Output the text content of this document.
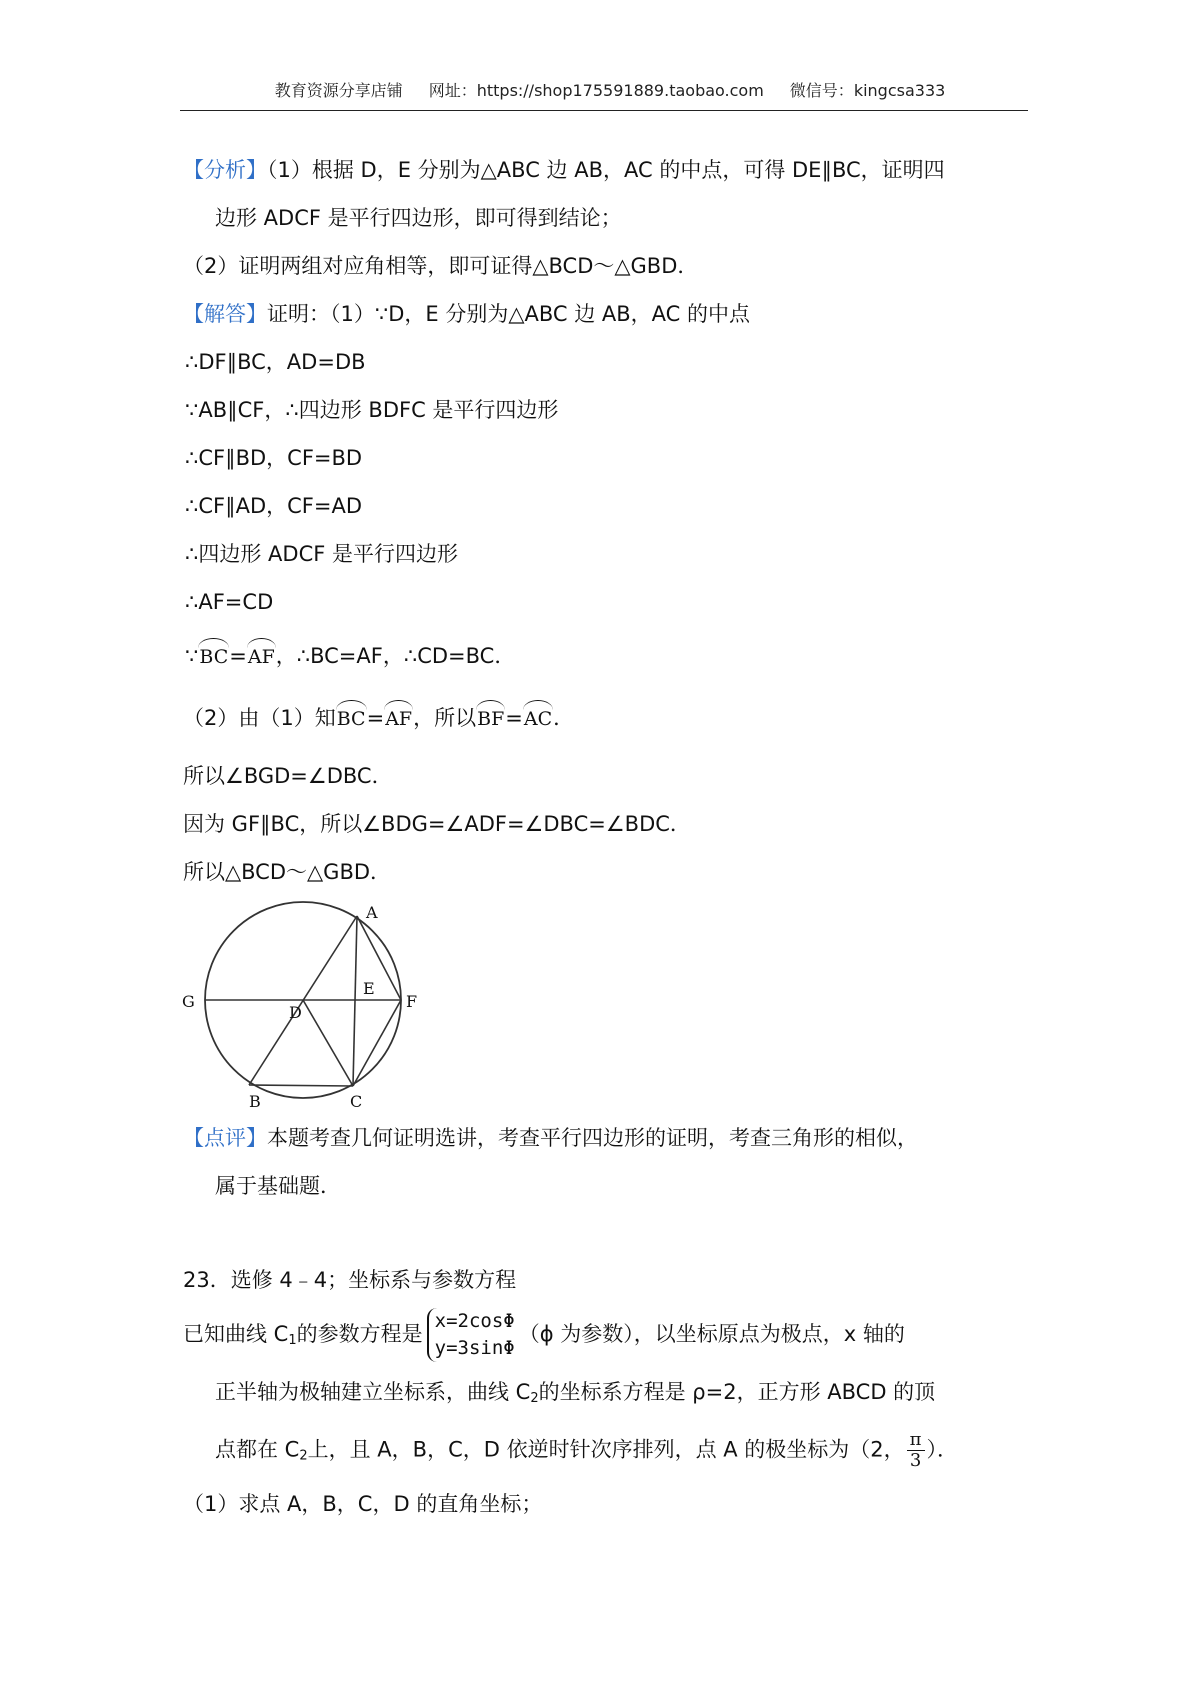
教育资源分享店铺 网址：https://shop175591889.taobao.com 微信号：kingcsa333
【分析】（1）根据 D，E 分别为△ABC 边 AB，AC 的中点，可得 DE∥BC，证明四
边形 ADCF 是平行四边形，即可得到结论；
（2）证明两组对应角相等，即可证得△BCD～△GBD．
【解答】证明：（1）∵D，E 分别为△ABC 边 AB，AC 的中点
∴DF∥BC，AD=DB
∵AB∥CF，∴四边形 BDFC 是平行四边形
∴CF∥BD，CF=BD
∴CF∥AD，CF=AD
∴四边形 ADCF 是平行四边形
∴AF=CD
∵BC=AF，∴BC=AF，∴CD=BC．
（2）由（1）知BC=AF，所以BF=AC．
所以∠BGD=∠DBC．
因为 GF∥BC，所以∠BDG=∠ADF=∠DBC=∠BDC．
所以△BCD～△GBD．
A
E
G
D
F
B	C
【点评】本题考查几何证明选讲，考查平行四边形的证明，考查三角形的相似，
属于基础题．
23．选修 4﹣4；坐标系与参数方程
已知曲线 $C_1$的参数方程是
x=2cosΦ
y=3sinΦ
（ϕ 为参数），以坐标原点为极点，x 轴的
正半轴为极轴建立坐标系，曲线 $C_2$的坐标系方程是 ρ=2，正方形 ABCD 的顶
点都在 $C_2$上，且 A，B，C，D 依逆时针次序排列，点 A 的极坐标为（2， $\frac{\pi}{3}$ ）．
（1）求点 A，B，C，D 的直角坐标；
